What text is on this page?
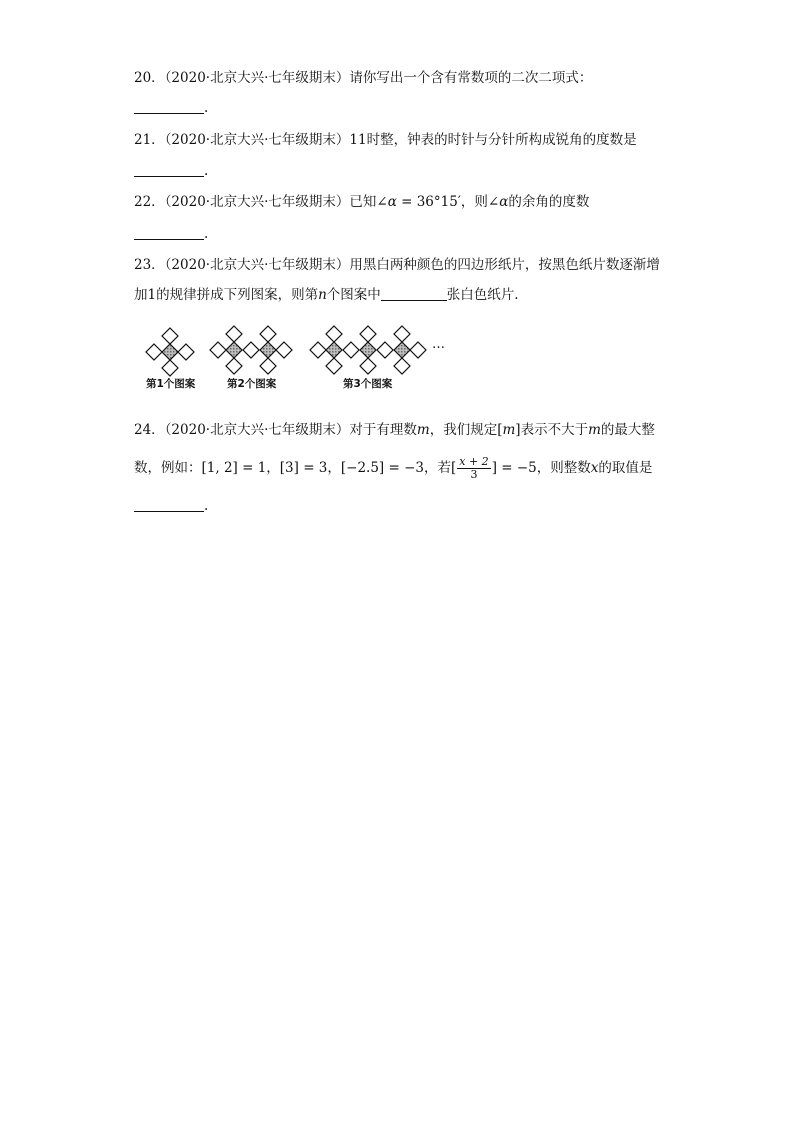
20．（2020·北京大兴·七年级期末）请你写出一个含有常数项的二次二项式：
.
21．（2020·北京大兴·七年级期末）11时整，钟表的时针与分针所构成锐角的度数是
.
22．（2020·北京大兴·七年级期末）已知∠α = 36°15′，则∠α的余角的度数
.
23．（2020·北京大兴·七年级期末）用黑白两种颜色的四边形纸片，按黑色纸片数逐渐增
加1的规律拼成下列图案，则第n个图案中	张白色纸片.
…
第1个图案	第2个图案	第3个图案
24．（2020·北京大兴·七年级期末）对于有理数m，我们规定[m]表示不大于m的最大整
数，例如：[1, 2] = 1，[3] = 3，[−2.5] = −3，若[ $\frac{x + 2}{3}$ ] = −5，则整数x的取值是
.
